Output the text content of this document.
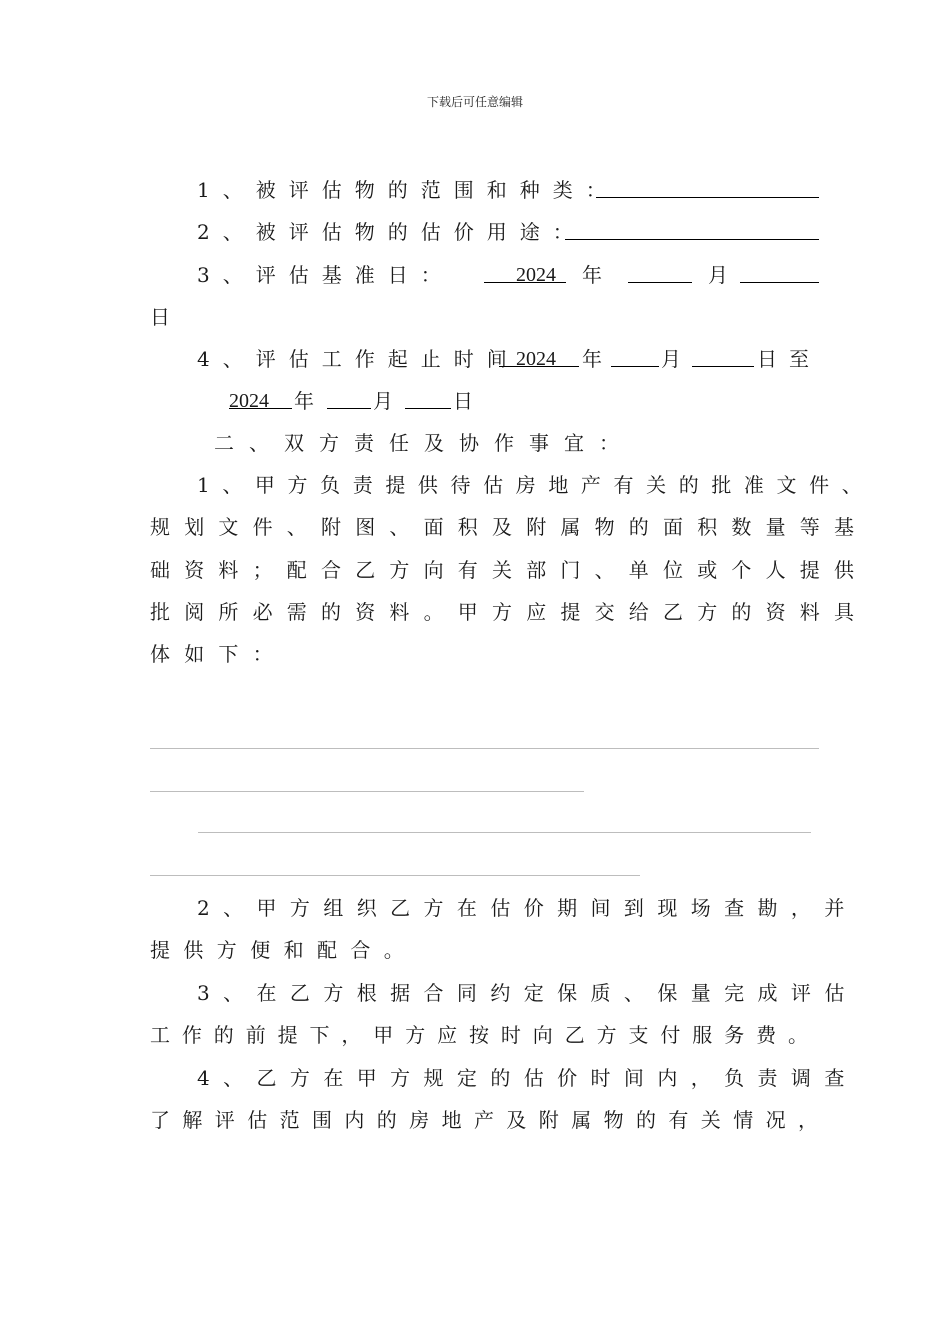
下载后可任意编辑
1、被评估物的范围和种类：
2、被评估物的估价用途：
3、评估基准日：	2024 年	月
日
4、评估工作起止时间
2024 年 月	日 至
2024 年 月 日
二、双方责任及协作事宜：
1、甲方负责提供待估房地产有关的批准文件、
规划文件、附图、面积及附属物的面积数量等基
础资料；配合乙方向有关部门、单位或个人提供
批阅所必需的资料。甲方应提交给乙方的资料具
体如下：
2、甲方组织乙方在估价期间到现场查勘，并
提供方便和配合。
3、在乙方根据合同约定保质、保量完成评估
工作的前提下，甲方应按时向乙方支付服务费。
4、乙方在甲方规定的估价时间内，负责调查
了解评估范围内的房地产及附属物的有关情况，
